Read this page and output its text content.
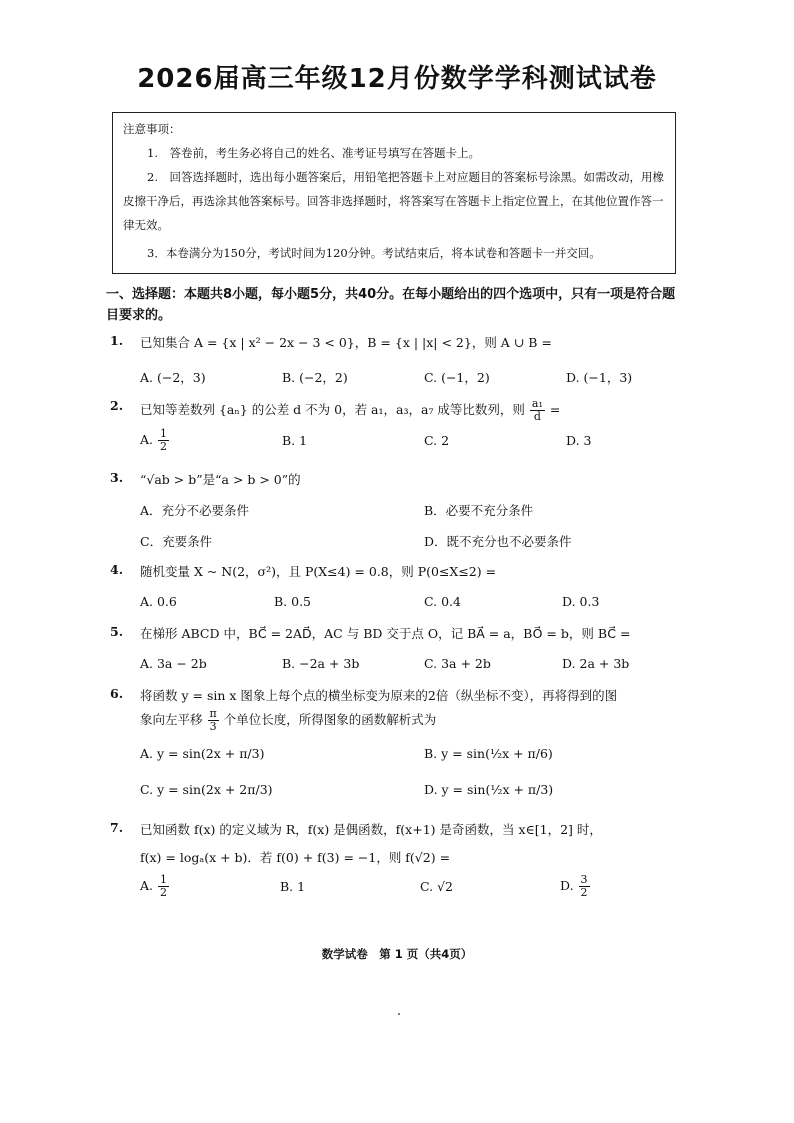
2026届高三年级12月份数学学科测试试卷
注意事项：

1.　答卷前，考生务必将自己的姓名、准考证号填写在答题卡上。

2.　回答选择题时，选出每小题答案后，用铅笔把答题卡上对应题目的答案标号涂黑。如需改动，用橡皮擦干净后，再选涂其他答案标号。回答非选择题时，将答案写在答题卡上指定位置上，在其他位置作答一律无效。

3．本卷满分为150分，考试时间为120分钟。考试结束后，将本试卷和答题卡一并交回。

一、选择题：本题共8小题，每小题5分，共40分。在每小题给出的四个选项中，只有一项是符合题目要求的。
1. 已知集合 A = {x | x² − 2x − 3 < 0}，B = {x | |x| < 2}，则 A ∪ B =
A. (−2，3)	B. (−2，2)	C. (−1，2)	D. (−1，3)
2. 已知等差数列 {aₙ} 的公差 d 不为 0，若 a₁，a₃，a₇ 成等比数列，则 $\frac{\text{a₁}}{d}$ =
A. $\frac{1}{2}$	B. 1	C. 2	D. 3
3. “√ab > b”是“a > b > 0”的
A．充分不必要条件	B．必要不充分条件
C．充要条件	D．既不充分也不必要条件
4. 随机变量 X ~ N(2，σ²)，且 P(X≤4) = 0.8，则 P(0≤X≤2) =
A. 0.6	B. 0.5	C. 0.4	D. 0.3
5. 在梯形 ABCD 中，BC⃗ = 2AD⃗，AC 与 BD 交于点 O，记 BA⃗ = a，BO⃗ = b，则 BC⃗ =
A. 3a − 2b	B. −2a + 3b	C. 3a + 2b	D. 2a + 3b
6. 将函数 y = sin x 图象上每个点的横坐标变为原来的2倍（纵坐标不变），再将得到的图
象向左平移 $\frac{\pi}{3}$ 个单位长度，所得图象的函数解析式为
A. y = sin(2x + π/3)	B. y = sin(½x + π/6)
C. y = sin(2x + 2π/3)	D. y = sin(½x + π/3)
7. 已知函数 f(x) 的定义域为 R，f(x) 是偶函数，f(x+1) 是奇函数，当 x∈[1，2] 时，
f(x) = logₐ(x + b)．若 f(0) + f(3) = −1，则 f(√2) =
A. $\frac{1}{2}$	B. 1	C. √2	D. $\frac{3}{2}$
数学试卷　第 1 页（共4页）
